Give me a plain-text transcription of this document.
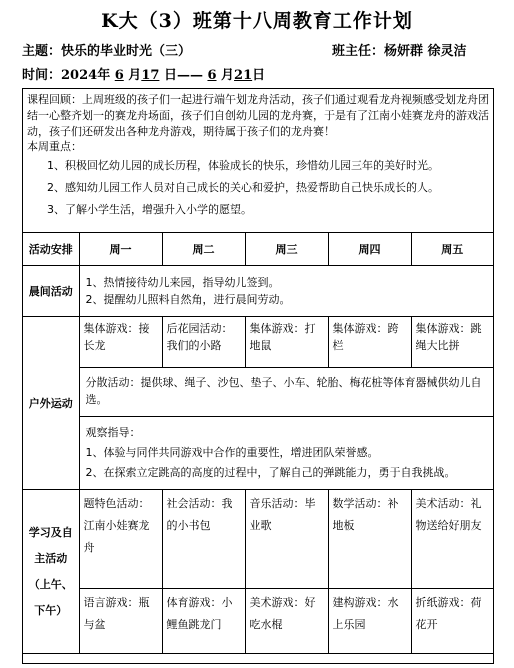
K大（3）班第十八周教育工作计划
主题：快乐的毕业时光（三）	班主任：杨妍群 徐灵洁
时间：2024年 6 月17 日—— 6 月21日

课程回顾：上周班级的孩子们一起进行端午划龙舟活动，孩子们通过观看龙舟视频感受划龙舟团结一心整齐划一的赛龙舟场面，孩子们自创幼儿园的龙舟赛，于是有了江南小娃赛龙舟的游戏活动，孩子们还研发出各种龙舟游戏，期待属于孩子们的龙舟赛！

本周重点：

1、积极回忆幼儿园的成长历程，体验成长的快乐，珍惜幼儿园三年的美好时光。

2、感知幼儿园工作人员对自己成长的关心和爱护，热爱帮助自己快乐成长的人。

3、了解小学生活，增强升入小学的愿望。

活动安排	周一	周二	周三	周四	周五
晨间活动	1、热情接待幼儿来园，指导幼儿签到。
2、提醒幼儿照料自然角，进行晨间劳动。				

户外运动	集体游戏：接长龙	后花园活动：我们的小路	集体游戏：打地鼠	集体游戏：跨栏	集体游戏：跳绳大比拼
	分散活动：提供球、绳子、沙包、垫子、小车、轮胎、梅花桩等体育器械供幼儿自选。				

	观察指导：
1、体验与同伴共同游戏中合作的重要性，增进团队荣誉感。
2、在探索立定跳高的高度的过程中，了解自己的弹跳能力，勇于自我挑战。				

学习及自
主活动
（上午、
下午）	题特色活动：江南小娃赛龙舟	社会活动：我的小书包	音乐活动：毕业歌	数学活动：补地板	美术活动：礼物送给好朋友
	语言游戏：瓶与盆	体育游戏：小鲤鱼跳龙门	美术游戏：好吃水棍	建构游戏：水上乐园	折纸游戏：荷花开
